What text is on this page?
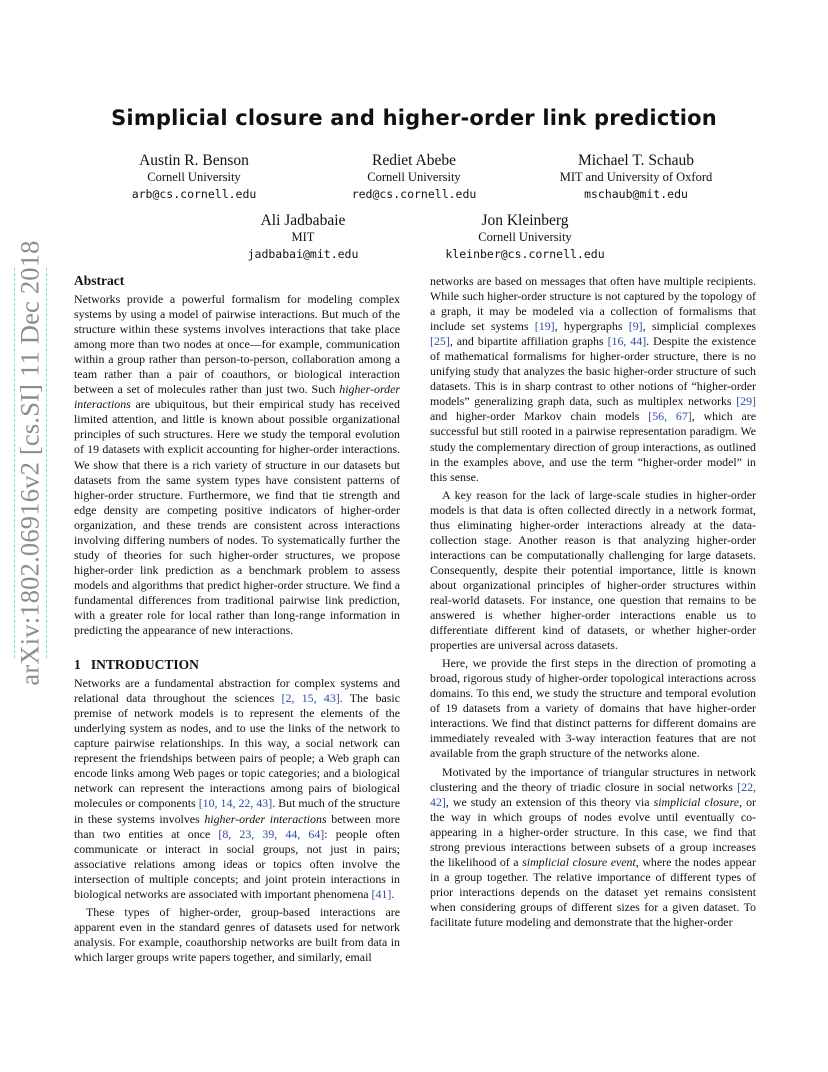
Simplicial closure and higher-order link prediction
Austin R. Benson
Cornell University
arb@cs.cornell.edu
Rediet Abebe
Cornell University
red@cs.cornell.edu
Michael T. Schaub
MIT and University of Oxford
mschaub@mit.edu
Ali Jadbabaie
MIT
jadbabai@mit.edu
Jon Kleinberg
Cornell University
kleinber@cs.cornell.edu
arXiv:1802.06916v2 [cs.SI] 11 Dec 2018 Abstract

Networks provide a powerful formalism for modeling complex systems by using a model of pairwise interactions. But much of the structure within these systems involves interactions that take place among more than two nodes at once—for example, communication within a group rather than person-to-person, collaboration among a team rather than a pair of coauthors, or biological interaction between a set of molecules rather than just two. Such higher-order interactions are ubiquitous, but their empirical study has received limited attention, and little is known about possible organizational principles of such structures. Here we study the temporal evolution of 19 datasets with explicit accounting for higher-order interactions. We show that there is a rich variety of structure in our datasets but datasets from the same system types have consistent patterns of higher-order structure. Furthermore, we find that tie strength and edge density are competing positive indicators of higher-order organization, and these trends are consistent across interactions involving differing numbers of nodes. To systematically further the study of theories for such higher-order structures, we propose higher-order link prediction as a benchmark problem to assess models and algorithms that predict higher-order structure. We find a fundamental differences from traditional pairwise link prediction, with a greater role for local rather than long-range information in predicting the appearance of new interactions.

1 INTRODUCTION

Networks are a fundamental abstraction for complex systems and relational data throughout the sciences [2, 15, 43]. The basic premise of network models is to represent the elements of the underlying system as nodes, and to use the links of the network to capture pairwise relationships. In this way, a social network can represent the friendships between pairs of people; a Web graph can encode links among Web pages or topic categories; and a biological network can represent the interactions among pairs of biological molecules or components [10, 14, 22, 43]. But much of the structure in these systems involves higher-order interactions between more than two entities at once [8, 23, 39, 44, 64]: people often communicate or interact in social groups, not just in pairs; associative relations among ideas or topics often involve the intersection of multiple concepts; and joint protein interactions in biological networks are associated with important phenomena [41].

These types of higher-order, group-based interactions are apparent even in the standard genres of datasets used for network analysis. For example, coauthorship networks are built from data in which larger groups write papers together, and similarly, email

networks are based on messages that often have multiple recipients. While such higher-order structure is not captured by the topology of a graph, it may be modeled via a collection of formalisms that include set systems [19], hypergraphs [9], simplicial complexes [25], and bipartite affiliation graphs [16, 44]. Despite the existence of mathematical formalisms for higher-order structure, there is no unifying study that analyzes the basic higher-order structure of such datasets. This is in sharp contrast to other notions of “higher-order models” generalizing graph data, such as multiplex networks [29] and higher-order Markov chain models [56, 67], which are successful but still rooted in a pairwise representation paradigm. We study the complementary direction of group interactions, as outlined in the examples above, and use the term “higher-order model” in this sense.

A key reason for the lack of large-scale studies in higher-order models is that data is often collected directly in a network format, thus eliminating higher-order interactions already at the data-collection stage. Another reason is that analyzing higher-order interactions can be computationally challenging for large datasets. Consequently, despite their potential importance, little is known about organizational principles of higher-order structures within real-world datasets. For instance, one question that remains to be answered is whether higher-order interactions enable us to differentiate different kind of datasets, or whether higher-order properties are universal across datasets.

Here, we provide the first steps in the direction of promoting a broad, rigorous study of higher-order topological interactions across domains. To this end, we study the structure and temporal evolution of 19 datasets from a variety of domains that have higher-order interactions. We find that distinct patterns for different domains are immediately revealed with 3-way interaction features that are not available from the graph structure of the networks alone.

Motivated by the importance of triangular structures in network clustering and the theory of triadic closure in social networks [22, 42], we study an extension of this theory via simplicial closure, or the way in which groups of nodes evolve until eventually co-appearing in a higher-order structure. In this case, we find that strong previous interactions between subsets of a group increases the likelihood of a simplicial closure event, where the nodes appear in a group together. The relative importance of different types of prior interactions depends on the dataset yet remains consistent when considering groups of different sizes for a given dataset. To facilitate future modeling and demonstrate that the higher-order
